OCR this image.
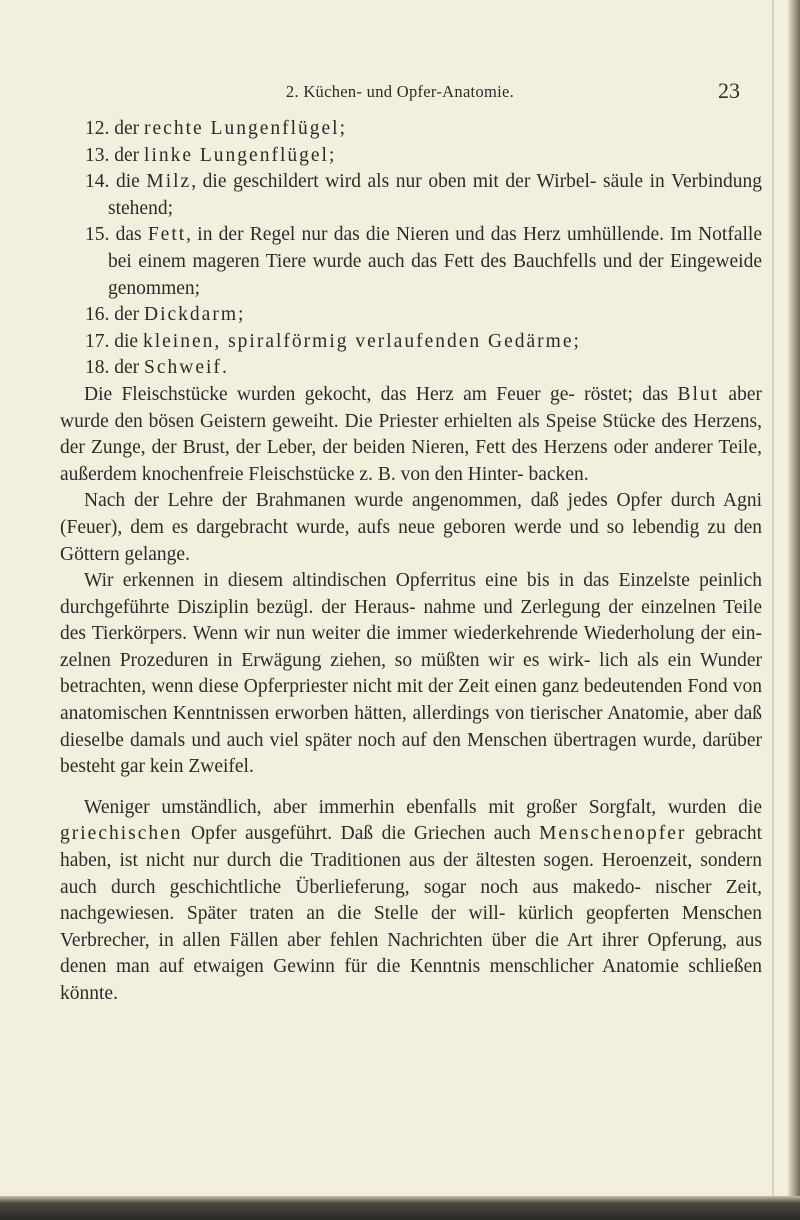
2. Küchen- und Opfer-Anatomie.	23

12. der rechte Lungenflügel;

13. der linke Lungenflügel;

14. die Milz, die geschildert wird als nur oben mit der Wirbel- säule in Verbindung stehend;

15. das Fett, in der Regel nur das die Nieren und das Herz umhüllende. Im Notfalle bei einem mageren Tiere wurde auch das Fett des Bauchfells und der Eingeweide genommen;

16. der Dickdarm;

17. die kleinen, spiralförmig verlaufenden Gedärme;

18. der Schweif.

Die Fleischstücke wurden gekocht, das Herz am Feuer ge- röstet; das Blut aber wurde den bösen Geistern geweiht. Die Priester erhielten als Speise Stücke des Herzens, der Zunge, der Brust, der Leber, der beiden Nieren, Fett des Herzens oder anderer Teile, außerdem knochenfreie Fleischstücke z. B. von den Hinter- backen.

Nach der Lehre der Brahmanen wurde angenommen, daß jedes Opfer durch Agni (Feuer), dem es dargebracht wurde, aufs neue geboren werde und so lebendig zu den Göttern gelange.

Wir erkennen in diesem altindischen Opferritus eine bis in das Einzelste peinlich durchgeführte Disziplin bezügl. der Heraus- nahme und Zerlegung der einzelnen Teile des Tierkörpers. Wenn wir nun weiter die immer wiederkehrende Wiederholung der ein- zelnen Prozeduren in Erwägung ziehen, so müßten wir es wirk- lich als ein Wunder betrachten, wenn diese Opferpriester nicht mit der Zeit einen ganz bedeutenden Fond von anatomischen Kenntnissen erworben hätten, allerdings von tierischer Anatomie, aber daß dieselbe damals und auch viel später noch auf den Menschen übertragen wurde, darüber besteht gar kein Zweifel.

Weniger umständlich, aber immerhin ebenfalls mit großer Sorgfalt, wurden die griechischen Opfer ausgeführt. Daß die Griechen auch Menschenopfer gebracht haben, ist nicht nur durch die Traditionen aus der ältesten sogen. Heroenzeit, sondern auch durch geschichtliche Überlieferung, sogar noch aus makedo- nischer Zeit, nachgewiesen. Später traten an die Stelle der will- kürlich geopferten Menschen Verbrecher, in allen Fällen aber fehlen Nachrichten über die Art ihrer Opferung, aus denen man auf etwaigen Gewinn für die Kenntnis menschlicher Anatomie schließen könnte.
